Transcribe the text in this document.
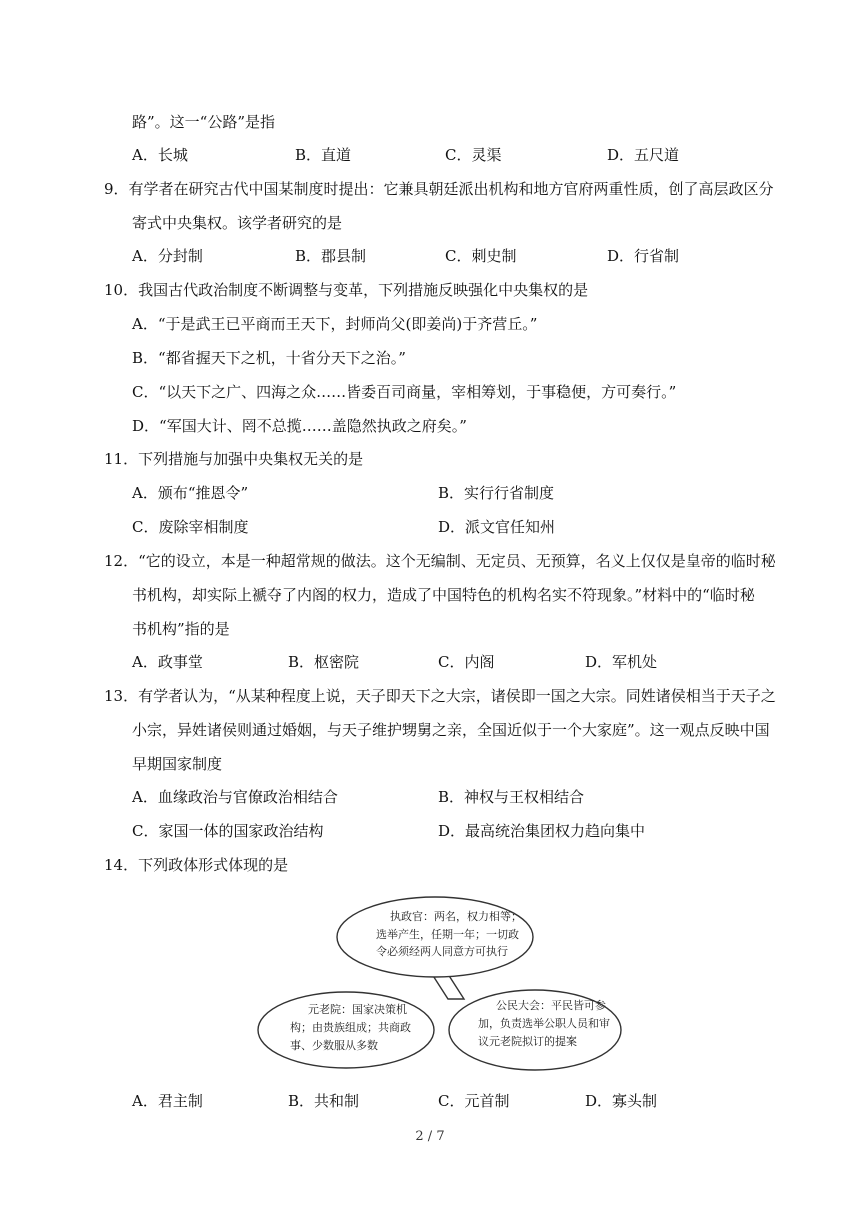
路”。这一“公路”是指
A．长城	B．直道	C．灵渠	D．五尺道
9．有学者在研究古代中国某制度时提出：它兼具朝廷派出机构和地方官府两重性质，创了高层政区分
寄式中央集权。该学者研究的是
A．分封制	B．郡县制	C．刺史制	D．行省制
10．我国古代政治制度不断调整与变革，下列措施反映强化中央集权的是
A．“于是武王已平商而王天下，封师尚父(即姜尚)于齐营丘。”
B．“都省握天下之机，十省分天下之治。”
C．“以天下之广、四海之众……皆委百司商量，宰相筹划，于事稳便，方可奏行。”
D．“军国大计、罔不总揽……盖隐然执政之府矣。”
11．下列措施与加强中央集权无关的是
A．颁布“推恩令”	B．实行行省制度
C．废除宰相制度	D．派文官任知州
12．“它的设立，本是一种超常规的做法。这个无编制、无定员、无预算，名义上仅仅是皇帝的临时秘
书机构，却实际上褫夺了内阁的权力，造成了中国特色的机构名实不符现象。”材料中的“临时秘
书机构”指的是
A．政事堂	B．枢密院	C．内阁	D．军机处
13．有学者认为，“从某种程度上说，天子即天下之大宗，诸侯即一国之大宗。同姓诸侯相当于天子之
小宗，异姓诸侯则通过婚姻，与天子维护甥舅之亲，全国近似于一个大家庭”。这一观点反映中国
早期国家制度
A．血缘政治与官僚政治相结合	B．神权与王权相结合
C．家国一体的国家政治结构	D．最高统治集团权力趋向集中
14．下列政体形式体现的是
执政官：两名，权力相等；
选举产生，任期一年；一切政
令必须经两人同意方可执行
元老院：国家决策机
构；由贵族组成；共商政
事、少数服从多数
公民大会：平民皆可参
加，负责选举公职人员和审
议元老院拟订的提案
A．君主制	B．共和制	C．元首制	D．寡头制
2 / 7
